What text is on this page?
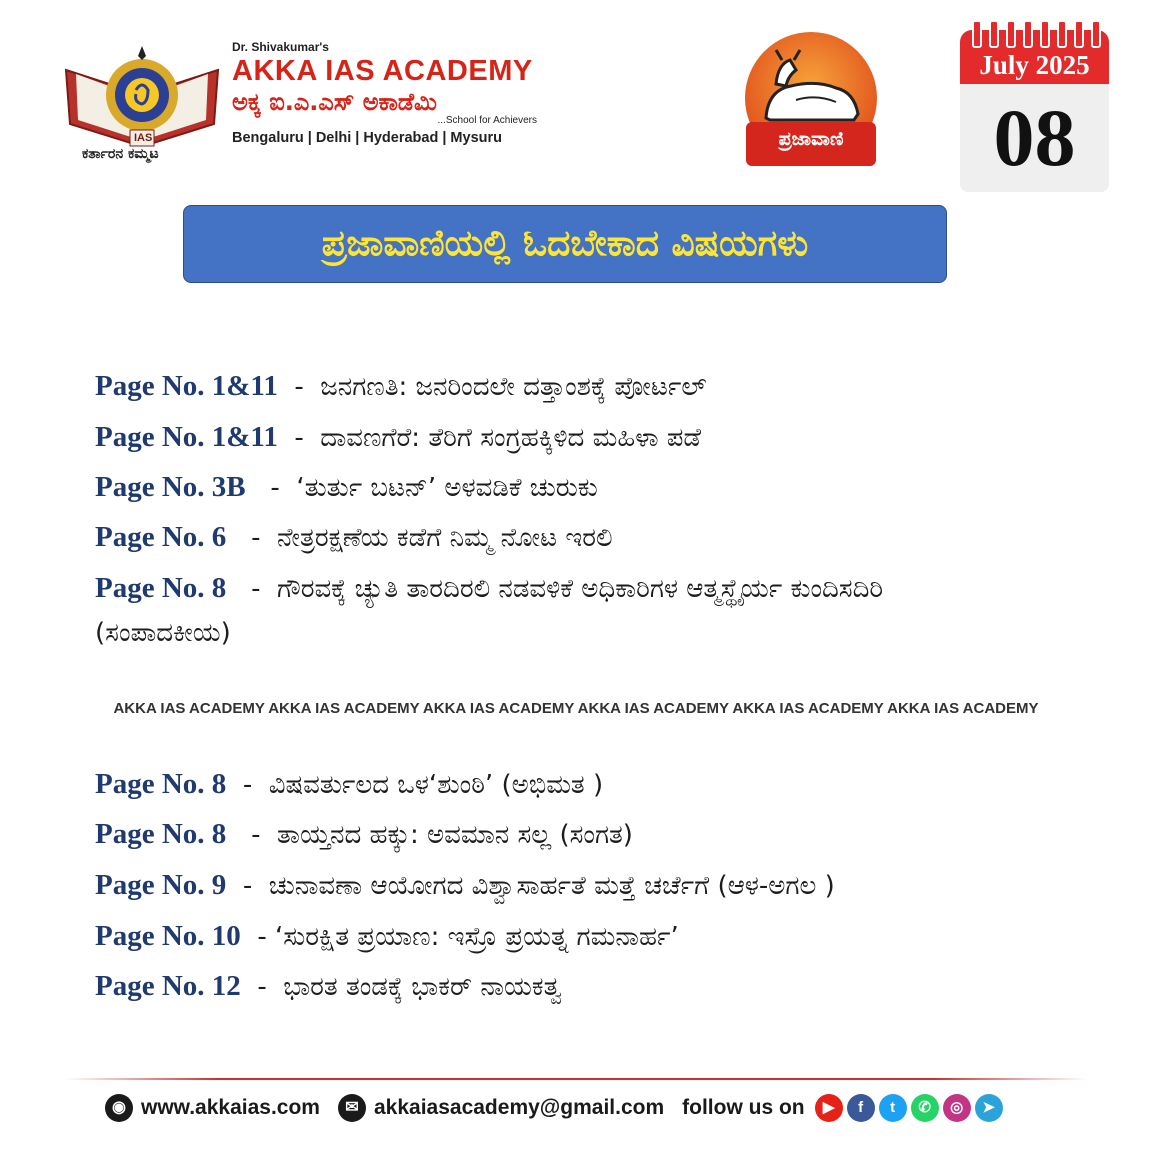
IAS
ಕರ್ತಾರನ ಕಮ್ಮಟ
Dr. Shivakumar's
AKKA IAS ACADEMY
ಅಕ್ಕ ಐ.ಎ.ಎಸ್ ಅಕಾಡೆಮಿ
...School for Achievers
Bengaluru | Delhi | Hyderabad | Mysuru	ಪ್ರಜಾವಾಣಿ
July 2025
08
ಪ್ರಜಾವಾಣಿಯಲ್ಲಿ ಓದಬೇಕಾದ ವಿಷಯಗಳು
Page No. 1&11 - ಜನಗಣತಿ: ಜನರಿಂದಲೇ ದತ್ತಾಂಶಕ್ಕೆ ಪೋರ್ಟಲ್
Page No. 1&11 - ದಾವಣಗೆರೆ: ತೆರಿಗೆ ಸಂಗ್ರಹಕ್ಕಿಳಿದ ಮಹಿಳಾ ಪಡೆ
Page No. 3B - ‘ತುರ್ತು ಬಟನ್’ ಅಳವಡಿಕೆ ಚುರುಕು
Page No. 6 - ನೇತ್ರರಕ್ಷಣೆಯ ಕಡೆಗೆ ನಿಮ್ಮ ನೋಟ ಇರಲಿ
Page No. 8 - ಗೌರವಕ್ಕೆ ಚ್ಯುತಿ ತಾರದಿರಲಿ ನಡವಳಿಕೆ ಅಧಿಕಾರಿಗಳ ಆತ್ಮಸ್ಥೈರ್ಯ ಕುಂದಿಸದಿರಿ (ಸಂಪಾದಕೀಯ)
AKKA IAS ACADEMY AKKA IAS ACADEMY AKKA IAS ACADEMY AKKA IAS ACADEMY AKKA IAS ACADEMY AKKA IAS ACADEMY
Page No. 8 - ವಿಷವರ್ತುಲದ ಒಳ‘ಶುಂಠಿ’ (ಅಭಿಮತ )
Page No. 8 - ತಾಯ್ತನದ ಹಕ್ಕು: ಅವಮಾನ ಸಲ್ಲ (ಸಂಗತ)
Page No. 9 - ಚುನಾವಣಾ ಆಯೋಗದ ವಿಶ್ವಾಸಾರ್ಹತೆ ಮತ್ತೆ ಚರ್ಚೆಗೆ (ಆಳ-ಅಗಲ )
Page No. 10 - ‘ಸುರಕ್ಷಿತ ಪ್ರಯಾಣ: ಇಸ್ರೊ ಪ್ರಯತ್ನ ಗಮನಾರ್ಹ’
Page No. 12 - ಭಾರತ ತಂಡಕ್ಕೆ ಭಾಕರ್ ನಾಯಕತ್ವ
◉ www.akkaias.com	✉ akkaiasacademy@gmail.com follow us on	▶	f	t	✆	◎	➤
